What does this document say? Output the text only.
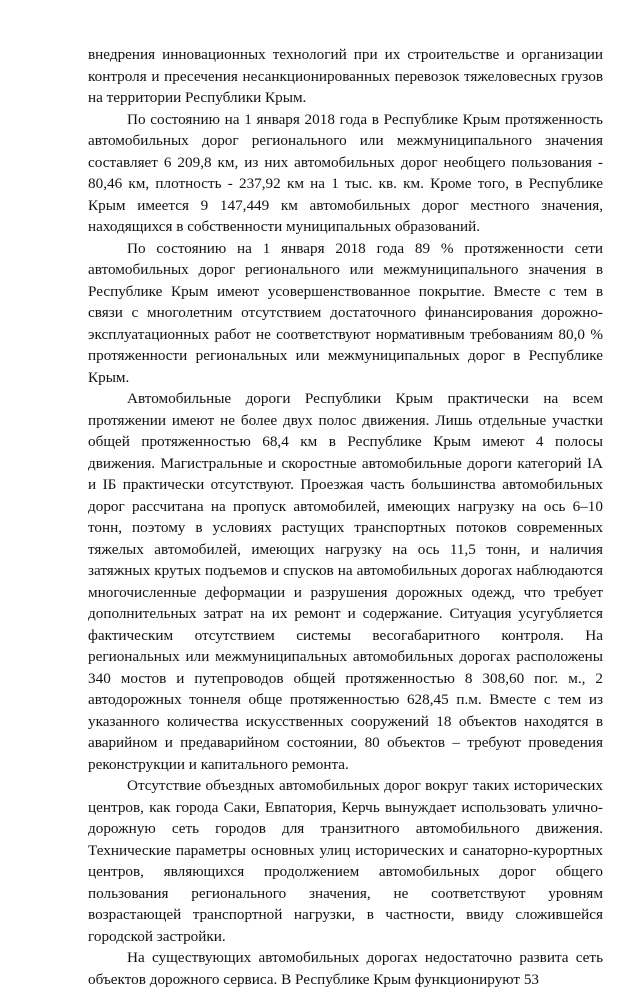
внедрения инновационных технологий при их строительстве и организации контроля и пресечения несанкционированных перевозок тяжеловесных грузов на территории Республики Крым.

По состоянию на 1 января 2018 года в Республике Крым протяженность автомобильных дорог регионального или межмуниципального значения составляет 6 209,8 км, из них автомобильных дорог необщего пользования - 80,46 км, плотность - 237,92 км на 1 тыс. кв. км. Кроме того, в Республике Крым имеется 9 147,449 км автомобильных дорог местного значения, находящихся в собственности муниципальных образований.

По состоянию на 1 января 2018 года 89 % протяженности сети автомобильных дорог регионального или межмуниципального значения в Республике Крым имеют усовершенствованное покрытие. Вместе с тем в связи с многолетним отсутствием достаточного финансирования дорожно-эксплуатационных работ не соответствуют нормативным требованиям 80,0 % протяженности региональных или межмуниципальных дорог в Республике Крым.

Автомобильные дороги Республики Крым практически на всем протяжении имеют не более двух полос движения. Лишь отдельные участки общей протяженностью 68,4 км в Республике Крым имеют 4 полосы движения. Магистральные и скоростные автомобильные дороги категорий IА и IБ практически отсутствуют. Проезжая часть большинства автомобильных дорог рассчитана на пропуск автомобилей, имеющих нагрузку на ось 6–10 тонн, поэтому в условиях растущих транспортных потоков современных тяжелых автомобилей, имеющих нагрузку на ось 11,5 тонн, и наличия затяжных крутых подъемов и спусков на автомобильных дорогах наблюдаются многочисленные деформации и разрушения дорожных одежд, что требует дополнительных затрат на их ремонт и содержание. Ситуация усугубляется фактическим отсутствием системы весогабаритного контроля. На региональных или межмуниципальных автомобильных дорогах расположены 340 мостов и путепроводов общей протяженностью 8 308,60 пог. м., 2 автодорожных тоннеля обще протяженностью 628,45 п.м. Вместе с тем из указанного количества искусственных сооружений 18 объектов находятся в аварийном и предаварийном состоянии, 80 объектов – требуют проведения реконструкции и капитального ремонта.

Отсутствие объездных автомобильных дорог вокруг таких исторических центров, как города Саки, Евпатория, Керчь вынуждает использовать улично-дорожную сеть городов для транзитного автомобильного движения. Технические параметры основных улиц исторических и санаторно-курортных центров, являющихся продолжением автомобильных дорог общего пользования регионального значения, не соответствуют уровням возрастающей транспортной нагрузки, в частности, ввиду сложившейся городской застройки.

На существующих автомобильных дорогах недостаточно развита сеть объектов дорожного сервиса. В Республике Крым функционируют 53
